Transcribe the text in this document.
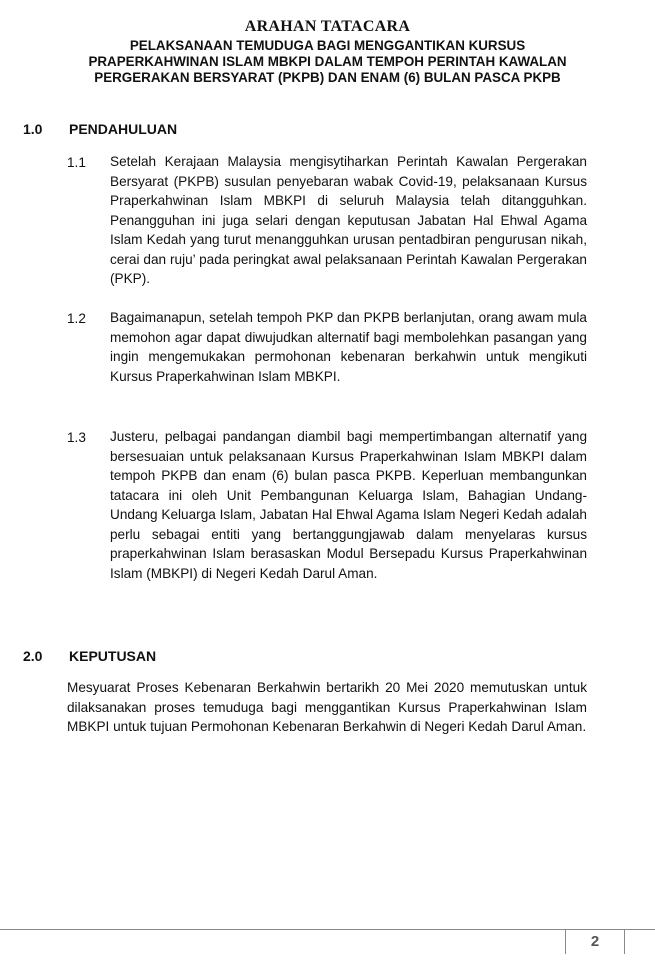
ARAHAN TATACARA
PELAKSANAAN TEMUDUGA BAGI MENGGANTIKAN KURSUS
PRAPERKAHWINAN ISLAM MBKPI DALAM TEMPOH PERINTAH KAWALAN
PERGERAKAN BERSYARAT (PKPB) DAN ENAM (6) BULAN PASCA PKPB
1.0 PENDAHULUAN
1.1 Setelah Kerajaan Malaysia mengisytiharkan Perintah Kawalan Pergerakan Bersyarat (PKPB) susulan penyebaran wabak Covid-19, pelaksanaan Kursus Praperkahwinan Islam MBKPI di seluruh Malaysia telah ditangguhkan. Penangguhan ini juga selari dengan keputusan Jabatan Hal Ehwal Agama Islam Kedah yang turut menangguhkan urusan pentadbiran pengurusan nikah, cerai dan ruju’ pada peringkat awal pelaksanaan Perintah Kawalan Pergerakan (PKP).
1.2 Bagaimanapun, setelah tempoh PKP dan PKPB berlanjutan, orang awam mula memohon agar dapat diwujudkan alternatif bagi membolehkan pasangan yang ingin mengemukakan permohonan kebenaran berkahwin untuk mengikuti Kursus Praperkahwinan Islam MBKPI.
1.3 Justeru, pelbagai pandangan diambil bagi mempertimbangan alternatif yang bersesuaian untuk pelaksanaan Kursus Praperkahwinan Islam MBKPI dalam tempoh PKPB dan enam (6) bulan pasca PKPB. Keperluan membangunkan tatacara ini oleh Unit Pembangunan Keluarga Islam, Bahagian Undang-Undang Keluarga Islam, Jabatan Hal Ehwal Agama Islam Negeri Kedah adalah perlu sebagai entiti yang bertanggungjawab dalam menyelaras kursus praperkahwinan Islam berasaskan Modul Bersepadu Kursus Praperkahwinan Islam (MBKPI) di Negeri Kedah Darul Aman.
2.0 KEPUTUSAN
Mesyuarat Proses Kebenaran Berkahwin bertarikh 20 Mei 2020 memutuskan untuk dilaksanakan proses temuduga bagi menggantikan Kursus Praperkahwinan Islam MBKPI untuk tujuan Permohonan Kebenaran Berkahwin di Negeri Kedah Darul Aman.
2
